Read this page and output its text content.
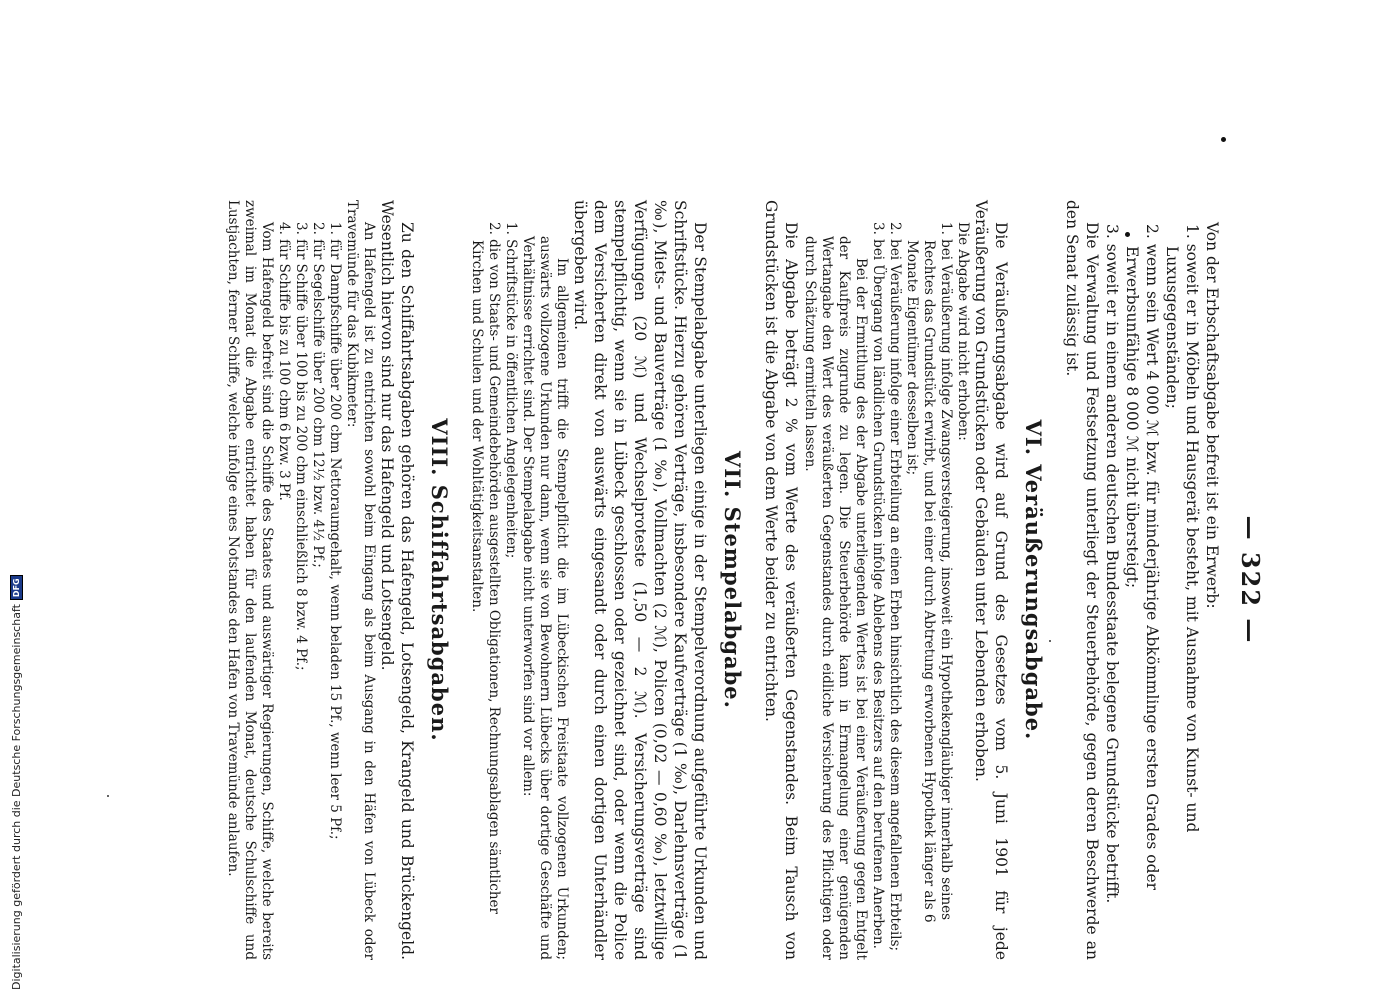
— 322 —

Von der Erbschaftsabgabe befreit ist ein Erwerb:

1. soweit er in Möbeln und Hausgerät besteht, mit Ausnahme von Kunst- und Luxusgegenständen;

2. wenn sein Wert 4 000 ℳ bzw. für minderjährige Abkömmlinge ersten Grades oder Erwerbsunfähige 8 000 ℳ nicht übersteigt;

3. soweit er in einem anderen deutschen Bundesstaate belegene Grundstücke betrifft.

Die Verwaltung und Festsetzung unterliegt der Steuerbehörde, gegen deren Beschwerde an den Senat zulässig ist.

VI. Veräußerungsabgabe.

Die Veräußerungsabgabe wird auf Grund des Gesetzes vom 5. Juni 1901 für jede Veräußerung von Grundstücken oder Gebäuden unter Lebenden erhoben.

Die Abgabe wird nicht erhoben:

1. bei Veräußerung infolge Zwangsversteigerung, insoweit ein Hypothekengläubiger innerhalb seines Rechtes das Grundstück erwirbt, und bei einer durch Abtretung erworbenen Hypothek länger als 6 Monate Eigentümer desselben ist;

2. bei Veräußerung infolge einer Erbteilung an einen Erben hinsichtlich des diesem angefallenen Erbteils;

3. bei Übergang von ländlichen Grundstücken infolge Ablebens des Besitzers auf den berufenen Anerben.

Bei der Ermittlung des der Abgabe unterliegenden Wertes ist bei einer Veräußerung gegen Entgelt der Kaufpreis zugrunde zu legen. Die Steuerbehörde kann in Ermangelung einer genügenden Wertangabe den Wert des veräußerten Gegenstandes durch eidliche Versicherung des Pflichtigen oder durch Schätzung ermitteln lassen.

Die Abgabe beträgt 2 % vom Werte des veräußerten Gegenstandes. Beim Tausch von Grundstücken ist die Abgabe von dem Werte beider zu entrichten.

VII. Stempelabgabe.

Der Stempelabgabe unterliegen einige in der Stempelverordnung aufgeführte Urkunden und Schriftstücke. Hierzu gehören Verträge, insbesondere Kaufverträge (1 ‰), Darlehnsverträge (1 ‰), Miets- und Bauverträge (1 ‰), Vollmachten (2 ℳ), Policen (0,02 — 0,60 ‰), letztwillige Verfügungen (20 ℳ) und Wechselproteste (1,50 — 2 ℳ). Versicherungsverträge sind stempelpflichtig, wenn sie in Lübeck geschlossen oder gezeichnet sind, oder wenn die Police dem Versicherten direkt von auswärts eingesandt oder durch einen dortigen Unterhändler übergeben wird.

Im allgemeinen trifft die Stempelpflicht die im Lübeckischen Freistaate vollzogenen Urkunden; auswärts vollzogene Urkunden nur dann, wenn sie von Bewohnern Lübecks über dortige Geschäfte und Verhältnisse errichtet sind. Der Stempelabgabe nicht unterworfen sind vor allem:

1. Schriftstücke in öffentlichen Angelegenheiten;

2. die von Staats- und Gemeindebehörden ausgestellten Obligationen, Rechnungsablagen sämtlicher Kirchen und Schulen und der Wohltätigkeitsanstalten.

VIII. Schiffahrtsabgaben.

Zu den Schiffahrtsabgaben gehören das Hafengeld, Lotsengeld, Krangeld und Brückengeld. Wesentlich hiervon sind nur das Hafengeld und Lotsengeld.

An Hafengeld ist zu entrichten sowohl beim Eingang als beim Ausgang in den Häfen von Lübeck oder Travemünde für das Kubikmeter:

1. für Dampfschiffe über 200 cbm Nettoraumgehalt, wenn beladen 15 Pf., wenn leer 5 Pf.;

2. für Segelschiffe über 200 cbm 12½ bzw. 4½ Pf.;

3. für Schiffe über 100 bis zu 200 cbm einschließlich 8 bzw. 4 Pf.;

4. für Schiffe bis zu 100 cbm 6 bzw. 3 Pf.

Vom Hafengeld befreit sind die Schiffe des Staates und auswärtiger Regierungen, Schiffe, welche bereits zweimal im Monat die Abgabe entrichtet haben für den laufenden Monat, deutsche Schulschiffe und Lustjachten, ferner Schiffe, welche infolge eines Notstandes den Hafen von Travemünde anlaufen.

Digitalisierung gefördert durch die Deutsche Forschungsgemeinschaft
DFG
